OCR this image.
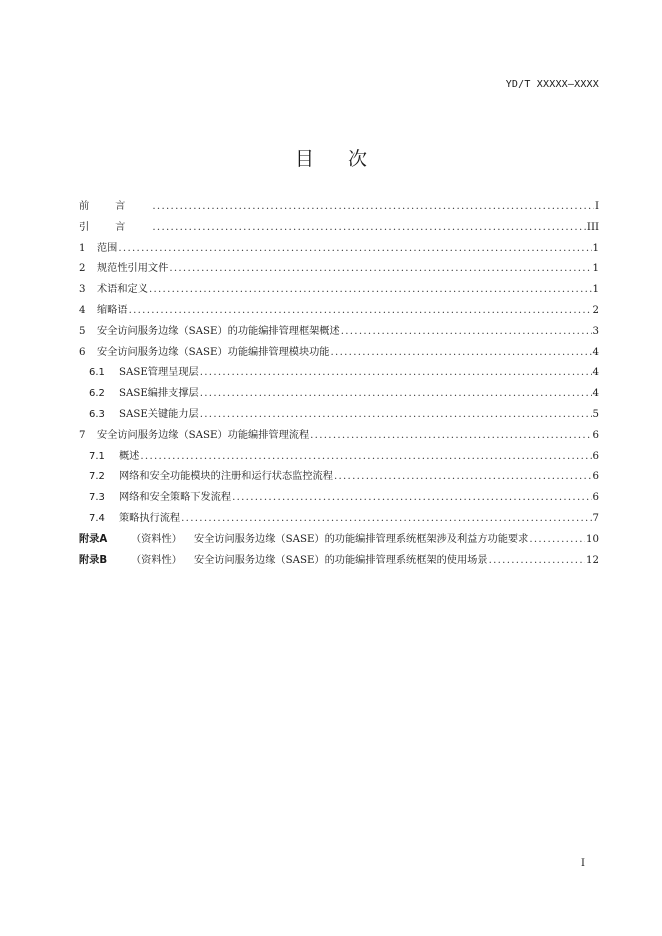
YD/T XXXXX—XXXX
目次
前言 .....	I
引言 .....	III
1	范围 .....	1
2	规范性引用文件 .....	1
3	术语和定义 .....	1
4	缩略语 .....	2
5	安全访问服务边缘（SASE）的功能编排管理框架概述 .....	3
6	安全访问服务边缘（SASE）功能编排管理模块功能 .....	4
6.1	SASE管理呈现层 .....	4
6.2	SASE编排支撑层 .....	4
6.3	SASE关键能力层 .....	5
7	安全访问服务边缘（SASE）功能编排管理流程 .....	6
7.1	概述 .....	6
7.2	网络和安全功能模块的注册和运行状态监控流程 .....	6
7.3	网络和安全策略下发流程 .....	6
7.4	策略执行流程 .....	7
附录A	（资料性） 安全访问服务边缘（SASE）的功能编排管理系统框架涉及利益方功能要求 .....	10
附录B	（资料性） 安全访问服务边缘（SASE）的功能编排管理系统框架的使用场景 .....	12
I
